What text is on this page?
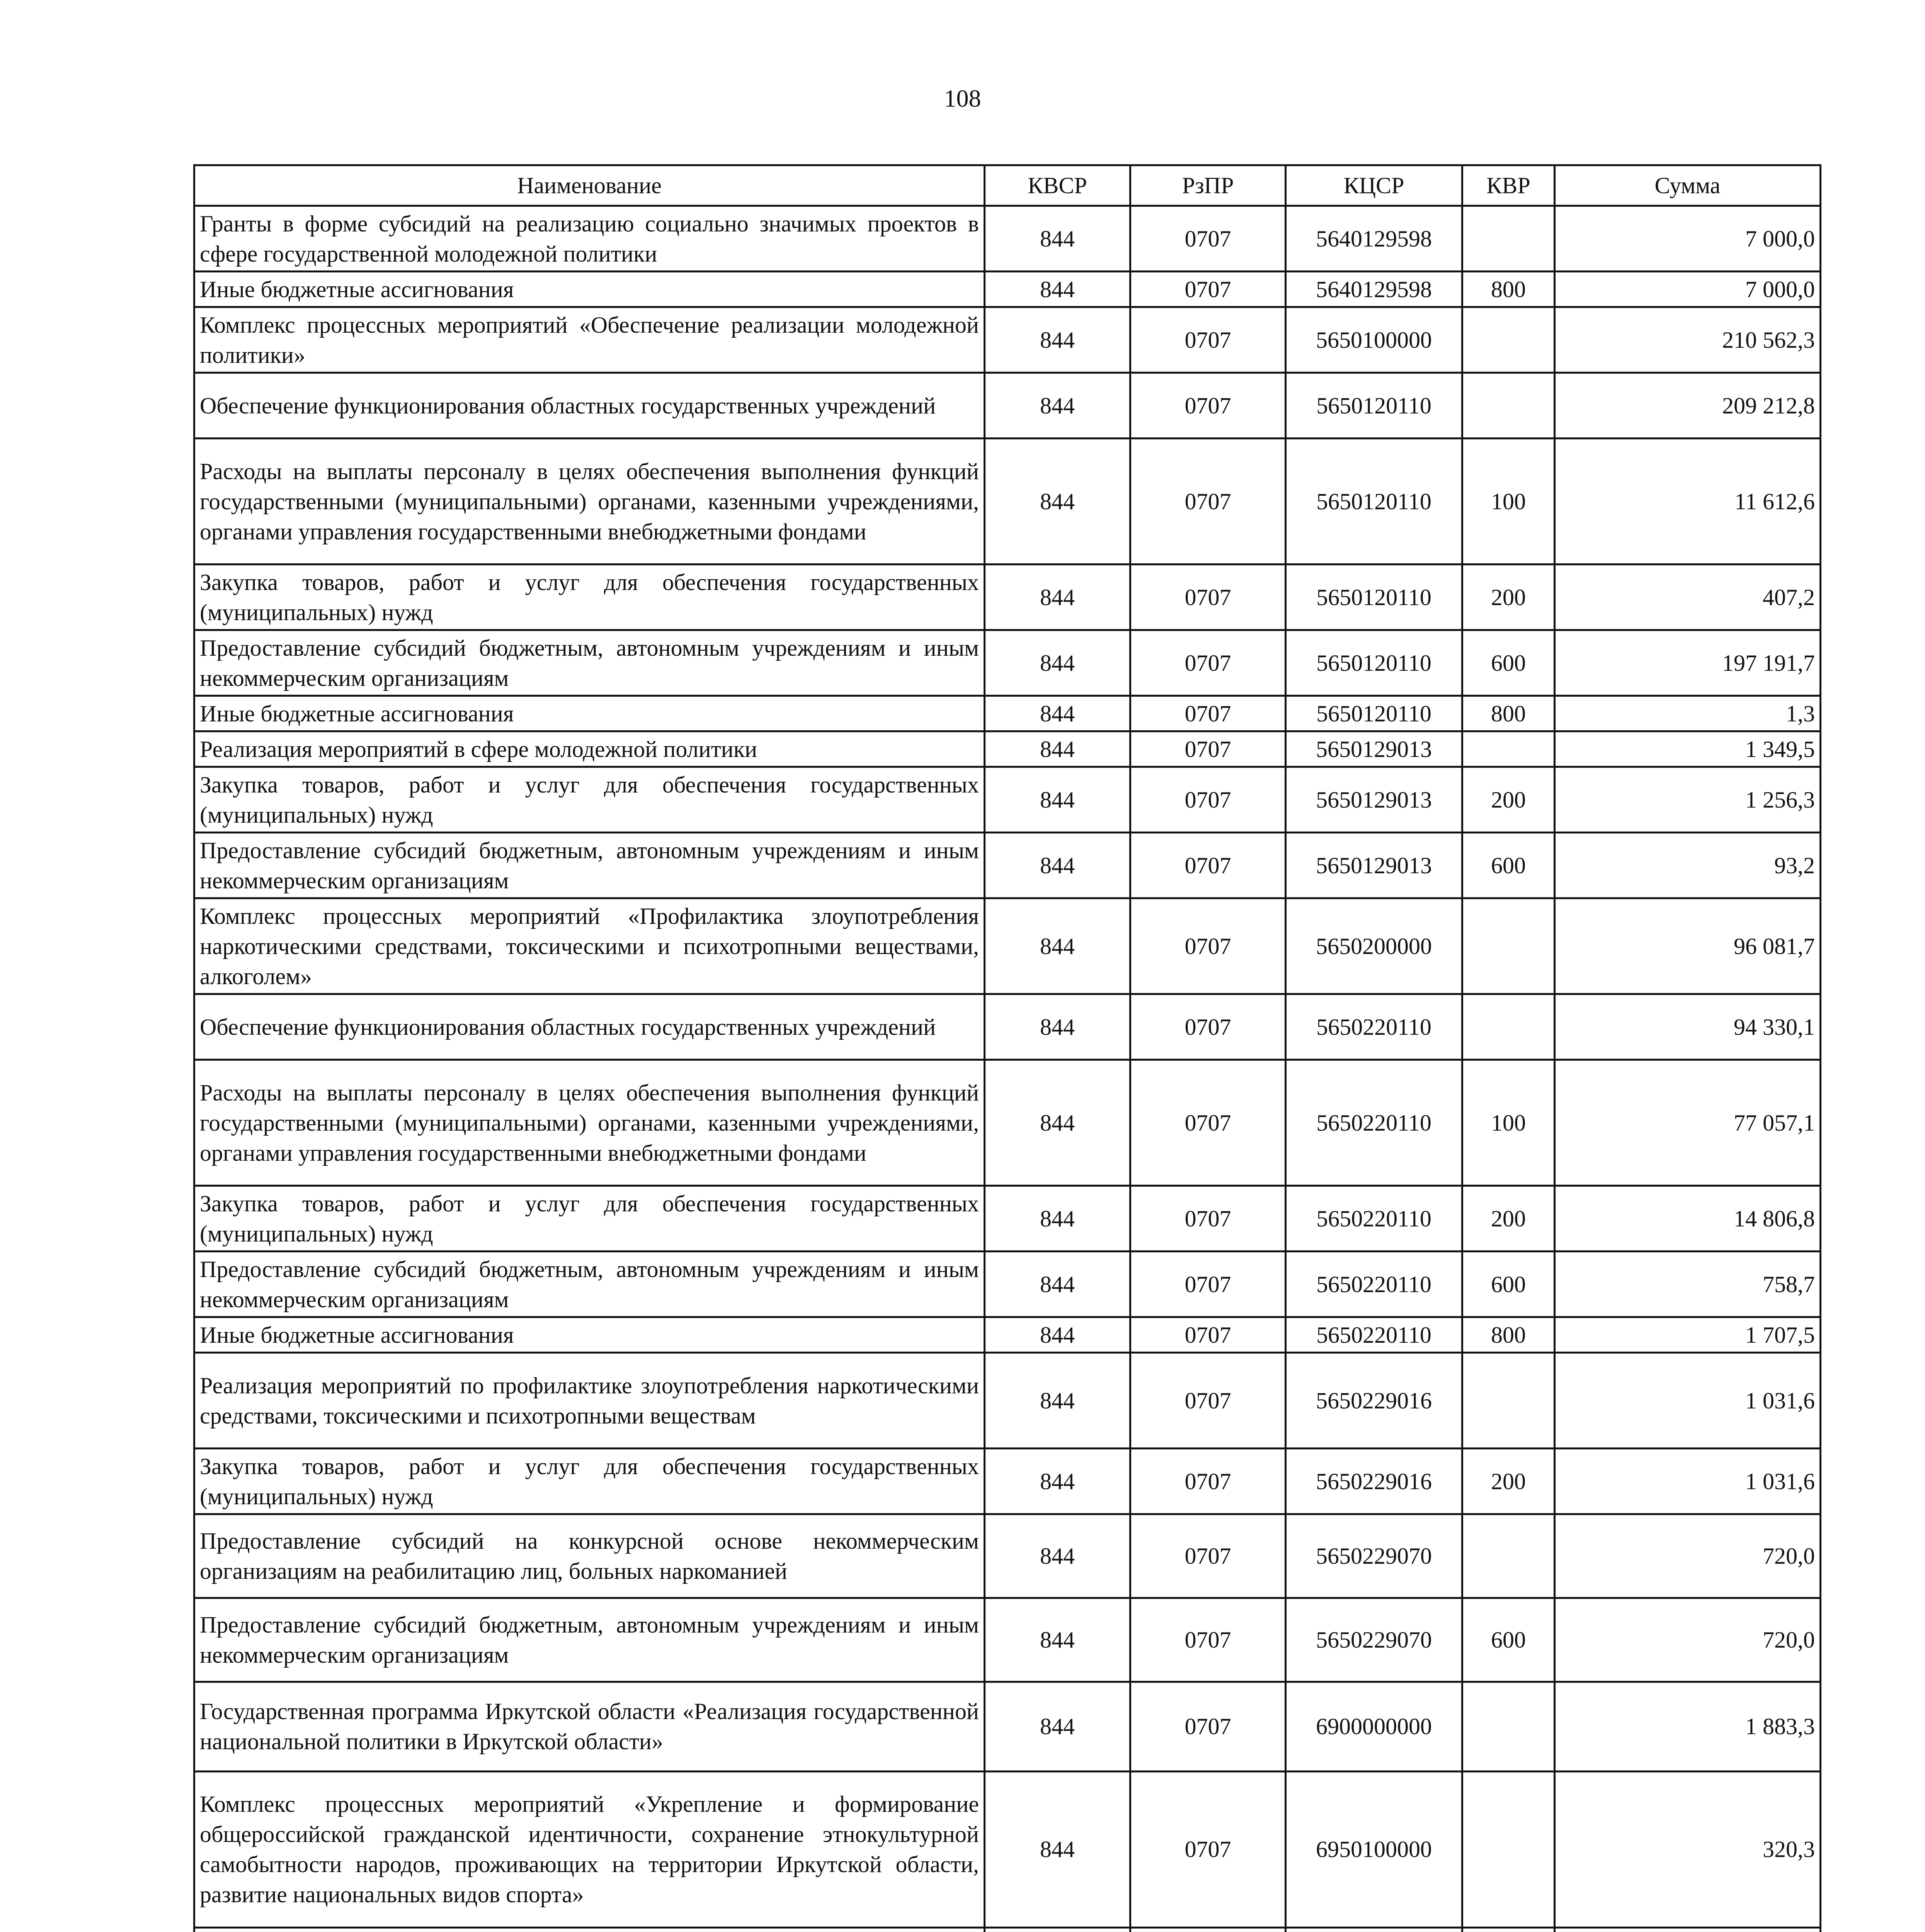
108
Наименование	КВСР	РзПР	КЦСР	КВР	Сумма
Гранты в форме субсидий на реализацию социально значимых проектов в сфере государственной молодежной политики	844	0707	5640129598		7 000,0
Иные бюджетные ассигнования	844	0707	5640129598	800	7 000,0
Комплекс процессных мероприятий «Обеспечение реализации молодежной политики»	844	0707	5650100000		210 562,3
Обеспечение функционирования областных государственных учреждений	844	0707	5650120110		209 212,8
Расходы на выплаты персоналу в целях обеспечения выполнения функций государственными (муниципальными) органами, казенными учреждениями, органами управления государственными внебюджетными фондами	844	0707	5650120110	100	11 612,6
Закупка товаров, работ и услуг для обеспечения государственных (муниципальных) нужд	844	0707	5650120110	200	407,2
Предоставление субсидий бюджетным, автономным учреждениям и иным некоммерческим организациям	844	0707	5650120110	600	197 191,7
Иные бюджетные ассигнования	844	0707	5650120110	800	1,3
Реализация мероприятий в сфере молодежной политики	844	0707	5650129013		1 349,5
Закупка товаров, работ и услуг для обеспечения государственных (муниципальных) нужд	844	0707	5650129013	200	1 256,3
Предоставление субсидий бюджетным, автономным учреждениям и иным некоммерческим организациям	844	0707	5650129013	600	93,2
Комплекс процессных мероприятий «Профилактика злоупотребления наркотическими средствами, токсическими и психотропными веществами, алкоголем»	844	0707	5650200000		96 081,7
Обеспечение функционирования областных государственных учреждений	844	0707	5650220110		94 330,1
Расходы на выплаты персоналу в целях обеспечения выполнения функций государственными (муниципальными) органами, казенными учреждениями, органами управления государственными внебюджетными фондами	844	0707	5650220110	100	77 057,1
Закупка товаров, работ и услуг для обеспечения государственных (муниципальных) нужд	844	0707	5650220110	200	14 806,8
Предоставление субсидий бюджетным, автономным учреждениям и иным некоммерческим организациям	844	0707	5650220110	600	758,7
Иные бюджетные ассигнования	844	0707	5650220110	800	1 707,5
Реализация мероприятий по профилактике злоупотребления наркотическими средствами, токсическими и психотропными веществам	844	0707	5650229016		1 031,6
Закупка товаров, работ и услуг для обеспечения государственных (муниципальных) нужд	844	0707	5650229016	200	1 031,6
Предоставление субсидий на конкурсной основе некоммерческим организациям на реабилитацию лиц, больных наркоманией	844	0707	5650229070		720,0
Предоставление субсидий бюджетным, автономным учреждениям и иным некоммерческим организациям	844	0707	5650229070	600	720,0
Государственная программа Иркутской области «Реализация государственной национальной политики в Иркутской области»	844	0707	6900000000		1 883,3
Комплекс процессных мероприятий «Укрепление и формирование общероссийской гражданской идентичности, сохранение этнокультурной самобытности народов, проживающих на территории Иркутской области, развитие национальных видов спорта»	844	0707	6950100000		320,3
